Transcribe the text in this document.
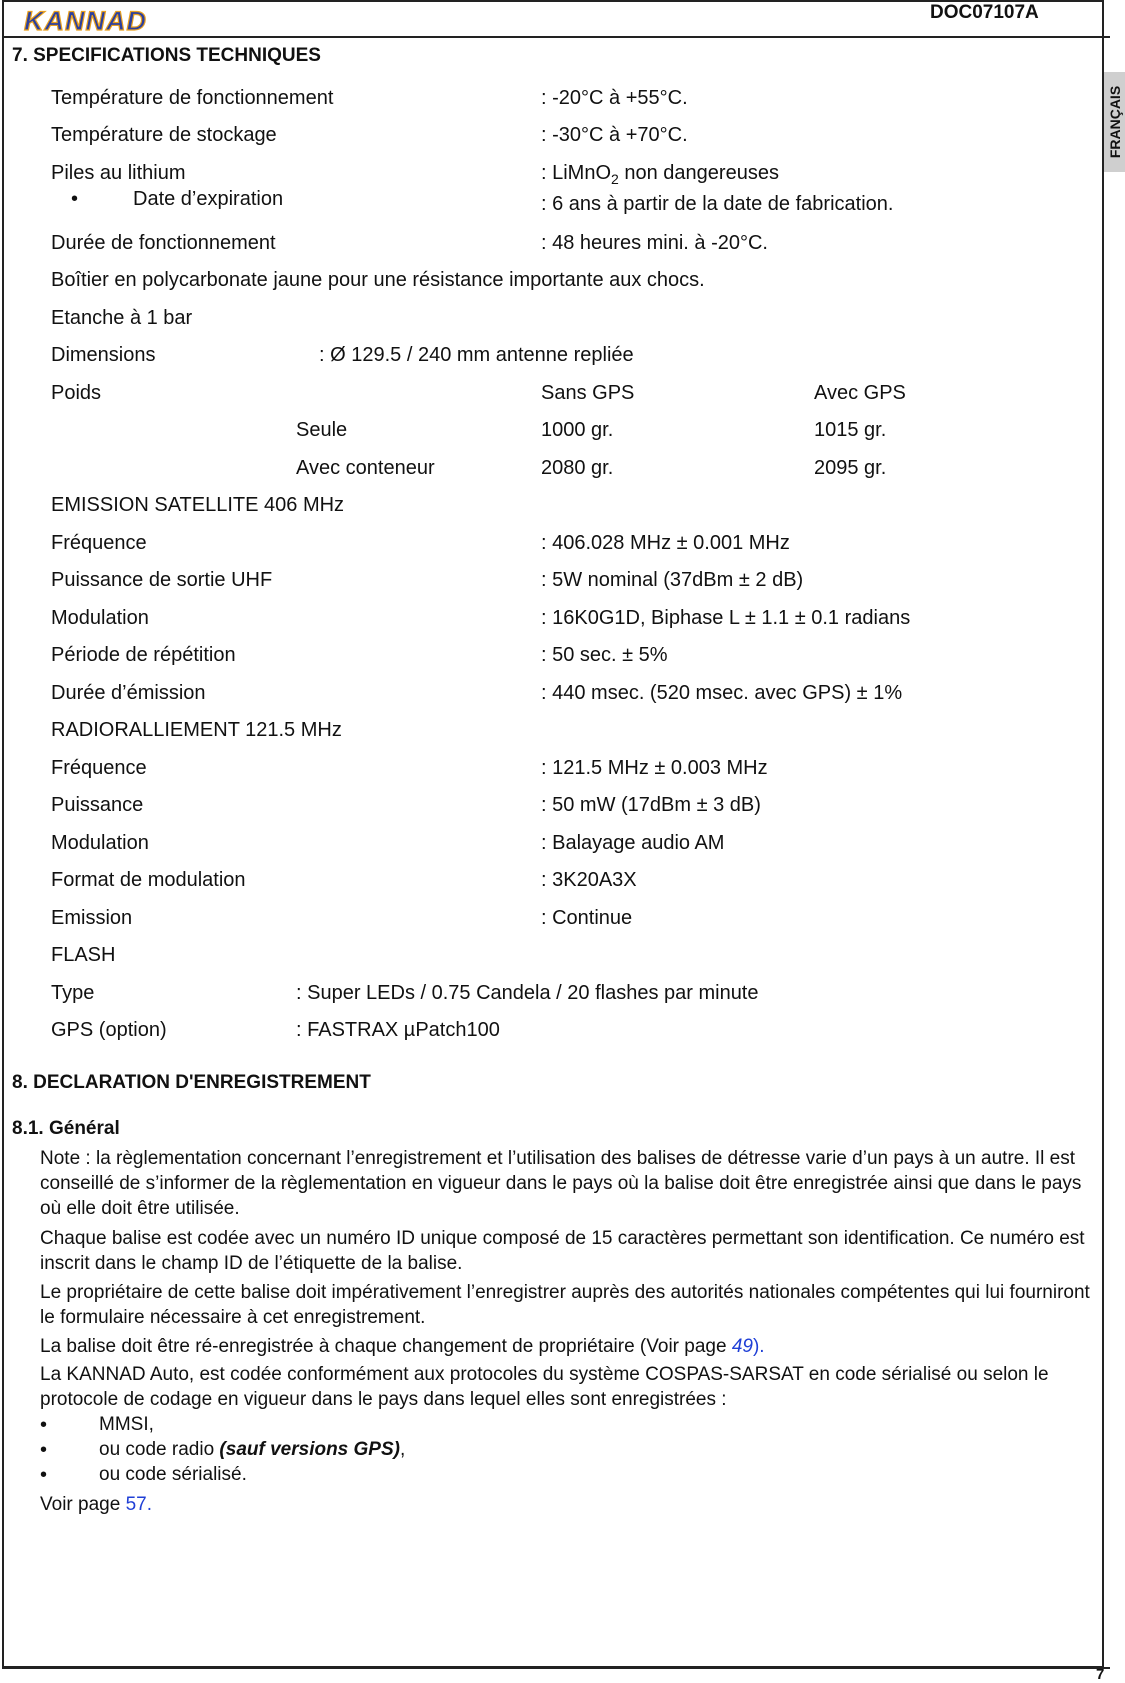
KANNAD	DOC07107A
FRANÇAIS
7
7. SPECIFICATIONS TECHNIQUES
Température de fonctionnement	: -20°C à +55°C.
Température de stockage	: -30°C à +70°C.
Piles au lithium	: LiMnO$_2$ non dangereuses
•	Date d’expiration	: 6 ans à partir de la date de fabrication.
Durée de fonctionnement	: 48 heures mini. à -20°C.
Boîtier en polycarbonate jaune pour une résistance importante aux chocs.
Etanche à 1 bar
Dimensions	: Ø 129.5 / 240 mm antenne repliée
Poids	Sans GPS	Avec GPS
Seule	1000 gr.	1015 gr.
Avec conteneur	2080 gr.	2095 gr.
EMISSION SATELLITE 406 MHz
Fréquence	: 406.028 MHz ± 0.001 MHz
Puissance de sortie UHF	: 5W nominal (37dBm ± 2 dB)
Modulation	: 16K0G1D, Biphase L ± 1.1 ± 0.1 radians
Période de répétition	: 50 sec. ± 5%
Durée d’émission	: 440 msec. (520 msec. avec GPS) ± 1%
RADIORALLIEMENT 121.5 MHz
Fréquence	: 121.5 MHz ± 0.003 MHz
Puissance	: 50 mW (17dBm ± 3 dB)
Modulation	: Balayage audio AM
Format de modulation	: 3K20A3X
Emission	: Continue
FLASH
Type	: Super LEDs / 0.75 Candela / 20 flashes par minute
GPS (option)	: FASTRAX µPatch100
8. DECLARATION D'ENREGISTREMENT
8.1. Général

Note : la règlementation concernant l’enregistrement et l’utilisation des balises de détresse varie d’un pays à un autre. Il est conseillé de s’informer de la règlementation en vigueur dans le pays où la balise doit être enregistrée ainsi que dans le pays où elle doit être utilisée.

Chaque balise est codée avec un numéro ID unique composé de 15 caractères permettant son identification. Ce numéro est inscrit dans le champ ID de l’étiquette de la balise.

Le propriétaire de cette balise doit impérativement l’enregistrer auprès des autorités nationales compétentes qui lui fourniront le formulaire nécessaire à cet enregistrement.

La balise doit être ré-enregistrée à chaque changement de propriétaire (Voir page 49).

La KANNAD Auto, est codée conformément aux protocoles du système COSPAS-SARSAT en code sérialisé ou selon le protocole de codage en vigueur dans le pays dans lequel elles sont enregistrées :

•	MMSI,
•	ou code radio (sauf versions GPS),
•	ou code sérialisé.
Voir page 57.
